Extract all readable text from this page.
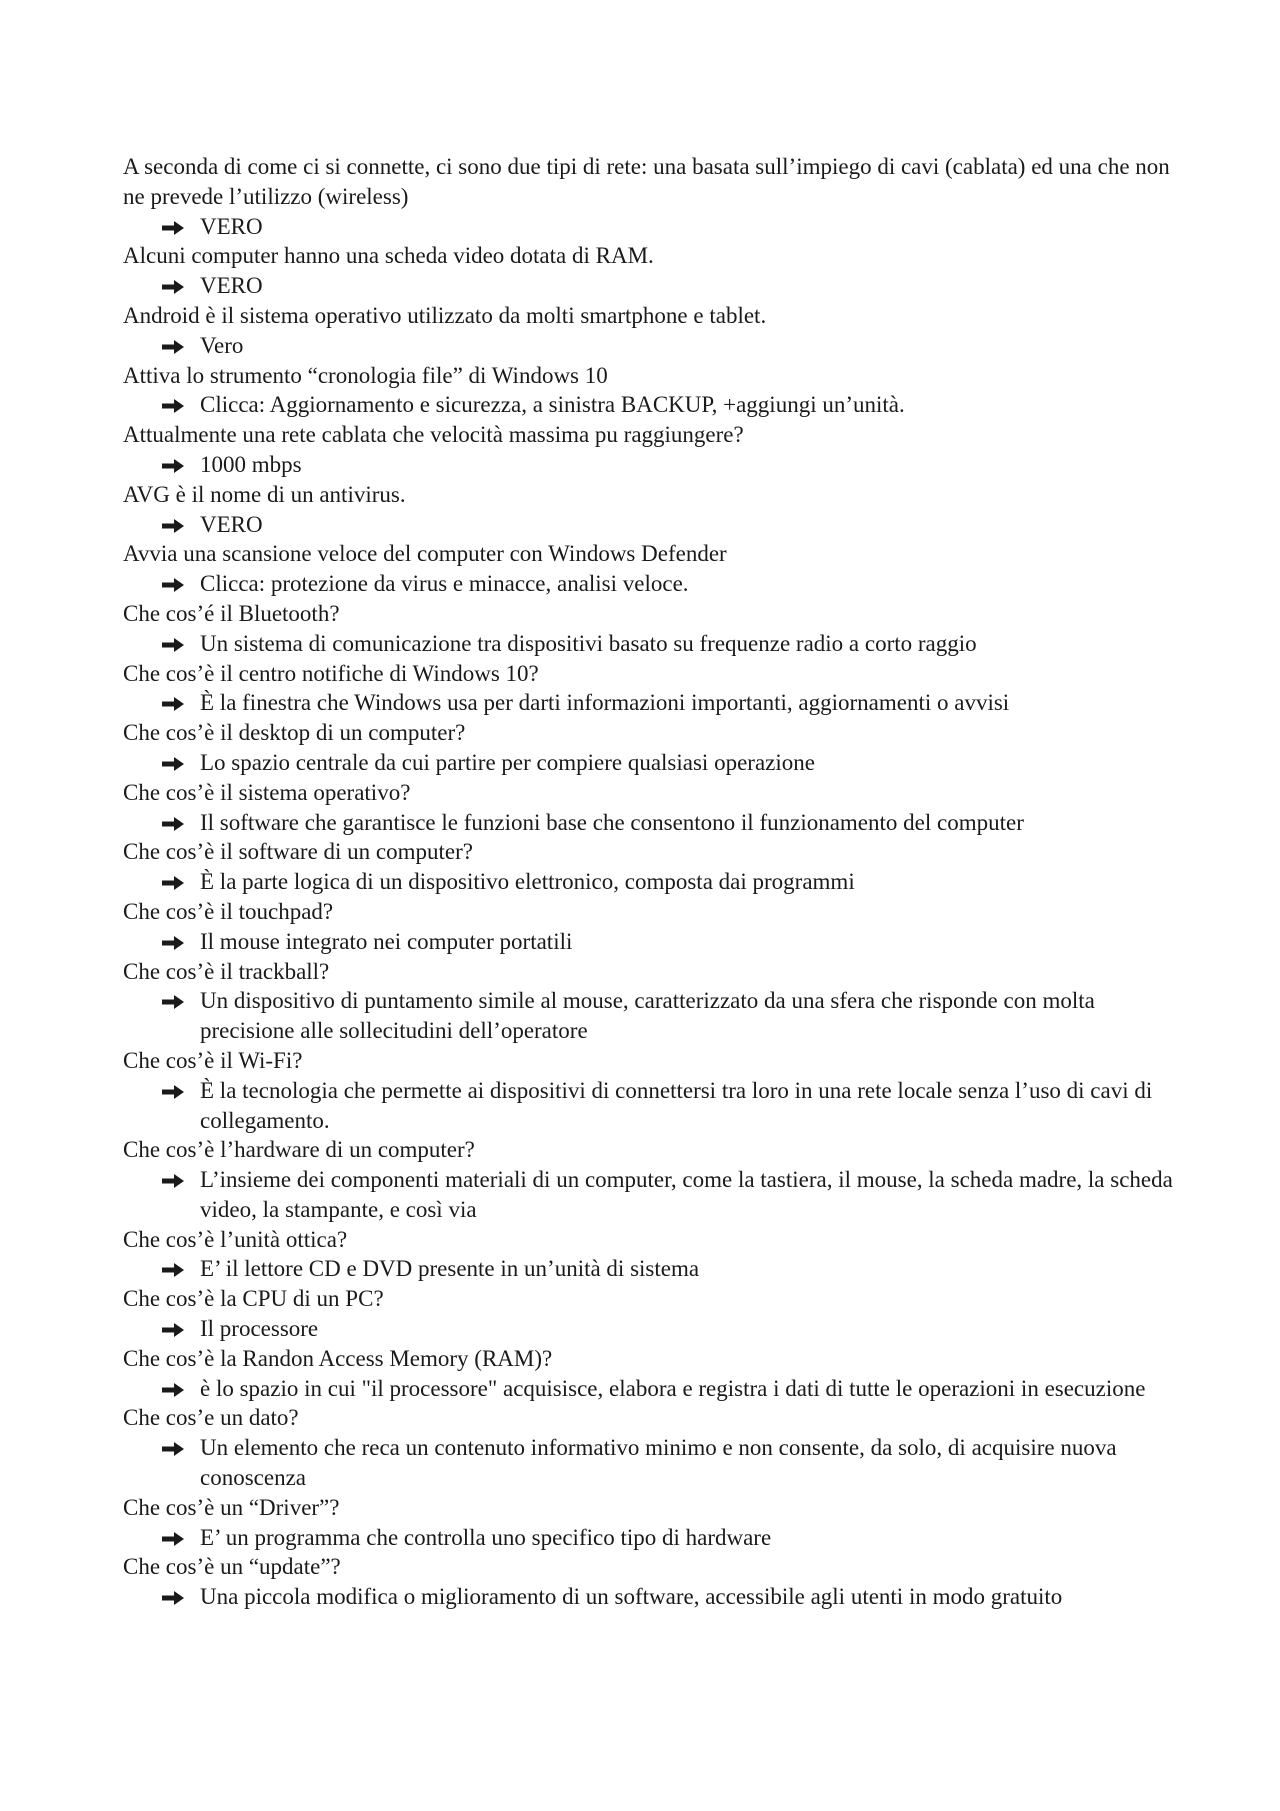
A seconda di come ci si connette, ci sono due tipi di rete: una basata sull’impiego di cavi (cablata) ed una che non ne prevede l’utilizzo (wireless)

VERO

Alcuni computer hanno una scheda video dotata di RAM.

VERO

Android è il sistema operativo utilizzato da molti smartphone e tablet.

Vero

Attiva lo strumento “cronologia file” di Windows 10

Clicca: Aggiornamento e sicurezza, a sinistra BACKUP, +aggiungi un’unità.

Attualmente una rete cablata che velocità massima pu raggiungere?

1000 mbps

AVG è il nome di un antivirus.

VERO

Avvia una scansione veloce del computer con Windows Defender

Clicca: protezione da virus e minacce, analisi veloce.

Che cos’é il Bluetooth?

Un sistema di comunicazione tra dispositivi basato su frequenze radio a corto raggio

Che cos’è il centro notifiche di Windows 10?

È la finestra che Windows usa per darti informazioni importanti, aggiornamenti o avvisi

Che cos’è il desktop di un computer?

Lo spazio centrale da cui partire per compiere qualsiasi operazione

Che cos’è il sistema operativo?

Il software che garantisce le funzioni base che consentono il funzionamento del computer

Che cos’è il software di un computer?

È la parte logica di un dispositivo elettronico, composta dai programmi

Che cos’è il touchpad?

Il mouse integrato nei computer portatili

Che cos’è il trackball?

Un dispositivo di puntamento simile al mouse, caratterizzato da una sfera che risponde con molta precisione alle sollecitudini dell’operatore

Che cos’è il Wi-Fi?

È la tecnologia che permette ai dispositivi di connettersi tra loro in una rete locale senza l’uso di cavi di collegamento.

Che cos’è l’hardware di un computer?

L’insieme dei componenti materiali di un computer, come la tastiera, il mouse, la scheda madre, la scheda video, la stampante, e così via

Che cos’è l’unità ottica?

E’ il lettore CD e DVD presente in un’unità di sistema

Che cos’è la CPU di un PC?

Il processore

Che cos’è la Randon Access Memory (RAM)?

è lo spazio in cui "il processore" acquisisce, elabora e registra i dati di tutte le operazioni in esecuzione

Che cos’e un dato?

Un elemento che reca un contenuto informativo minimo e non consente, da solo, di acquisire nuova conoscenza

Che cos’è un “Driver”?

E’ un programma che controlla uno specifico tipo di hardware

Che cos’è un “update”?

Una piccola modifica o miglioramento di un software, accessibile agli utenti in modo gratuito
